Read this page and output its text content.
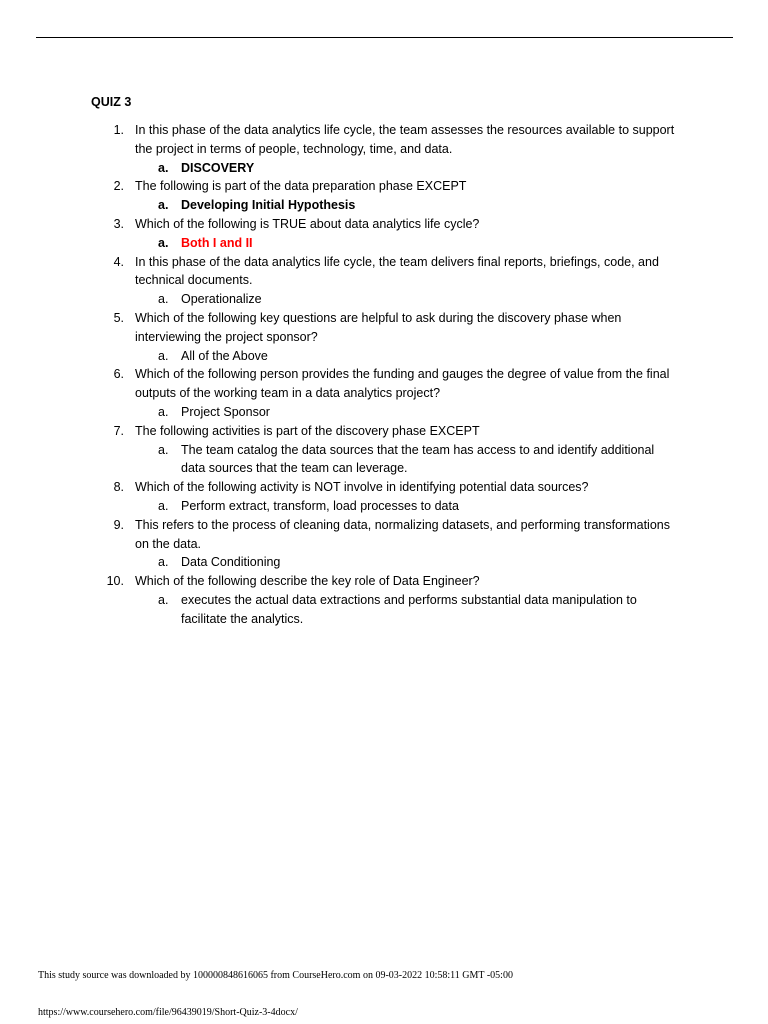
QUIZ 3
1. In this phase of the data analytics life cycle, the team assesses the resources available to support the project in terms of people, technology, time, and data.
a. DISCOVERY
2. The following is part of the data preparation phase EXCEPT
a. Developing Initial Hypothesis
3. Which of the following is TRUE about data analytics life cycle?
a. Both I and II
4. In this phase of the data analytics life cycle, the team delivers final reports, briefings, code, and technical documents.
a. Operationalize
5. Which of the following key questions are helpful to ask during the discovery phase when interviewing the project sponsor?
a. All of the Above
6. Which of the following person provides the funding and gauges the degree of value from the final outputs of the working team in a data analytics project?
a. Project Sponsor
7. The following activities is part of the discovery phase EXCEPT
a. The team catalog the data sources that the team has access to and identify additional data sources that the team can leverage.
8. Which of the following activity is NOT involve in identifying potential data sources?
a. Perform extract, transform, load processes to data
9. This refers to the process of cleaning data, normalizing datasets, and performing transformations on the data.
a. Data Conditioning
10. Which of the following describe the key role of Data Engineer?
a. executes the actual data extractions and performs substantial data manipulation to facilitate the analytics.
This study source was downloaded by 100000848616065 from CourseHero.com on 09-03-2022 10:58:11 GMT -05:00
https://www.coursehero.com/file/96439019/Short-Quiz-3-4docx/
